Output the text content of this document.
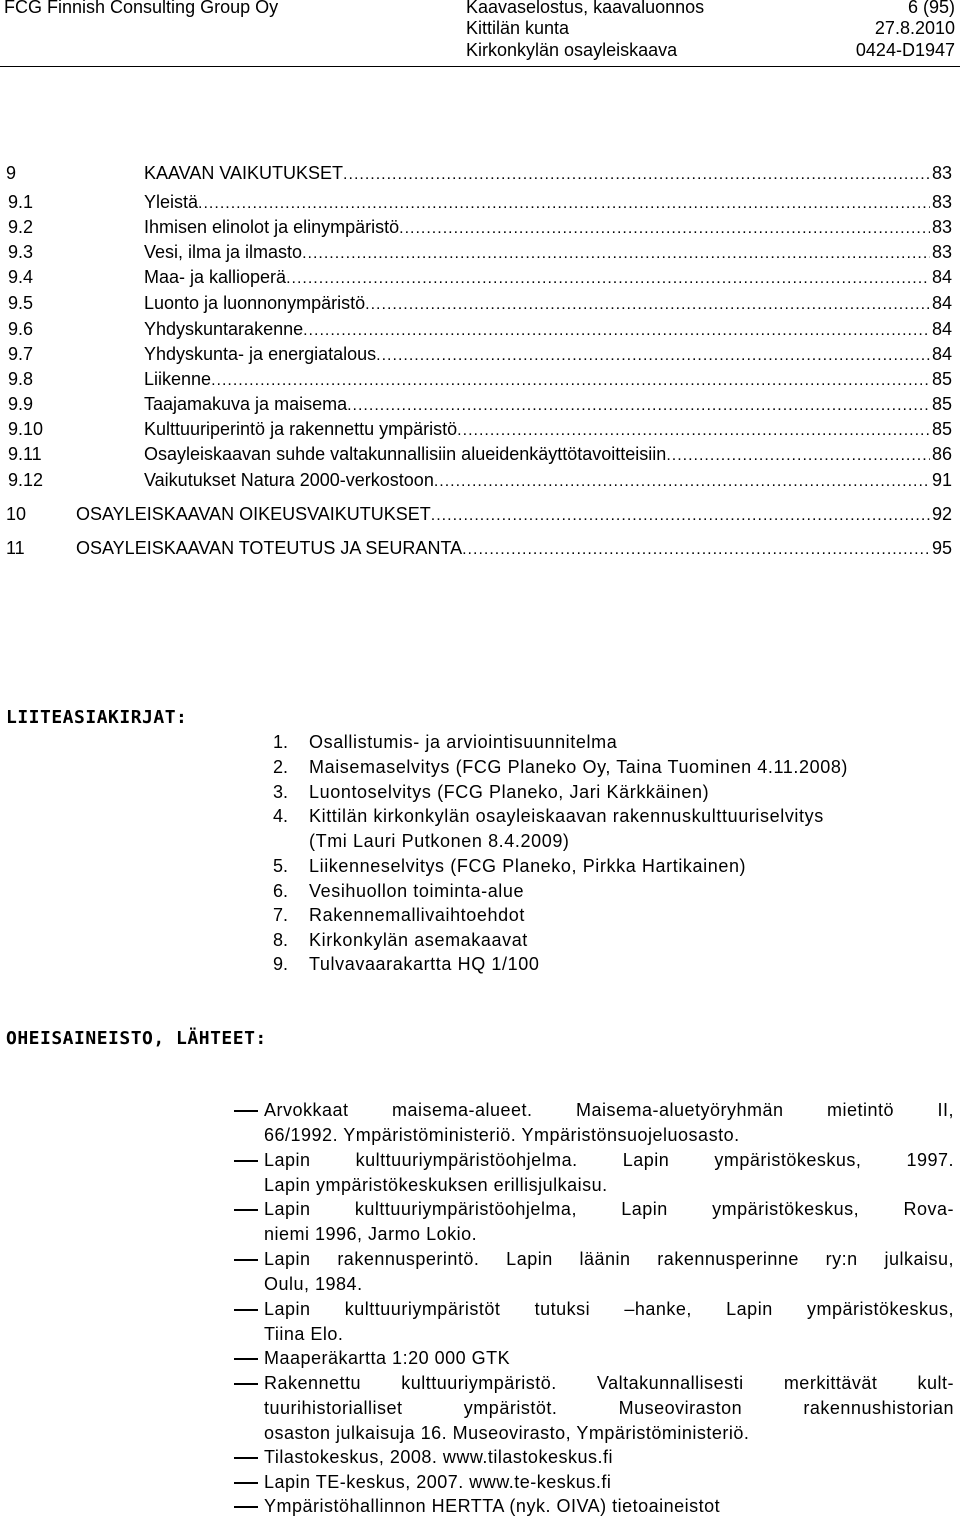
FCG Finnish Consulting Group Oy	Kaavaselostus, kaavaluonnos	6 (95)
Kittilän kunta	27.8.2010
Kirkonkylän osayleiskaava	0424-D1947
9	KAAVAN VAIKUTUKSET .....	83
9.1	Yleistä .....	83
9.2	Ihmisen elinolot ja elinympäristö .....	83
9.3	Vesi, ilma ja ilmasto .....	83
9.4	Maa- ja kallioperä .....	84
9.5	Luonto ja luonnonympäristö .....	84
9.6	Yhdyskuntarakenne .....	84
9.7	Yhdyskunta- ja energiatalous .....	84
9.8	Liikenne .....	85
9.9	Taajamakuva ja maisema .....	85
9.10	Kulttuuriperintö ja rakennettu ympäristö .....	85
9.11	Osayleiskaavan suhde valtakunnallisiin alueidenkäyttötavoitteisiin .....	86
9.12	Vaikutukset Natura 2000-verkostoon .....	91
10	OSAYLEISKAAVAN OIKEUSVAIKUTUKSET .....	92
11	OSAYLEISKAAVAN TOTEUTUS JA SEURANTA .....	95
LIITEASIAKIRJAT:
1. Osallistumis- ja arviointisuunnitelma
2. Maisemaselvitys (FCG Planeko Oy, Taina Tuominen 4.11.2008)
3. Luontoselvitys (FCG Planeko, Jari Kärkkäinen)
4. Kittilän kirkonkylän osayleiskaavan rakennuskulttuuriselvitys
(Tmi Lauri Putkonen 8.4.2009)
5. Liikenneselvitys (FCG Planeko, Pirkka Hartikainen)
6. Vesihuollon toiminta-alue
7. Rakennemallivaihtoehdot
8. Kirkonkylän asemakaavat
9. Tulvavaarakartta HQ 1/100
OHEISAINEISTO, LÄHTEET:
Arvokkaat maisema-alueet. Maisema-aluetyöryhmän mietintö II,
66/1992. Ympäristöministeriö. Ympäristönsuojeluosasto.
Lapin kulttuuriympäristöohjelma. Lapin ympäristökeskus, 1997.
Lapin ympäristökeskuksen erillisjulkaisu.
Lapin kulttuuriympäristöohjelma, Lapin ympäristökeskus, Rova-
niemi 1996, Jarmo Lokio.
Lapin rakennusperintö. Lapin läänin rakennusperinne ry:n julkaisu,
Oulu, 1984.
Lapin kulttuuriympäristöt tutuksi –hanke, Lapin ympäristökeskus,
Tiina Elo.
Maaperäkartta 1:20 000 GTK
Rakennettu kulttuuriympäristö. Valtakunnallisesti merkittävät kult-
tuurihistorialliset ympäristöt. Museoviraston rakennushistorian
osaston julkaisuja 16. Museovirasto, Ympäristöministeriö.
Tilastokeskus, 2008. www.tilastokeskus.fi
Lapin TE-keskus, 2007. www.te-keskus.fi
Ympäristöhallinnon HERTTA (nyk. OIVA) tietoaineistot
